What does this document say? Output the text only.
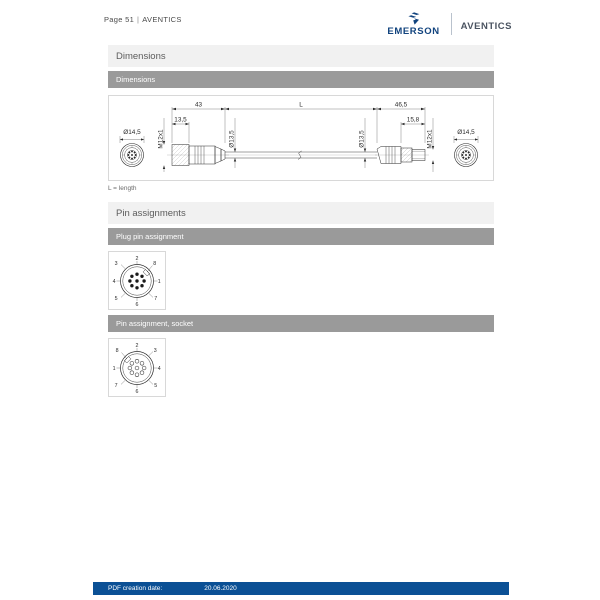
Page 51 | AVENTICS
EMERSON AVENTICS
Dimensions
Dimensions
Ø14,5
43
13,5
L	46,5
15,8
Ø14,5
M12x1	Ø13,5	Ø13,5	M12x1
L = length
Pin assignments
Plug pin assignment
1
2
3
4
5
6
7
8
Pin assignment, socket
1
2
3
4
5
6
7
8
PDF creation date:	20.06.2020
